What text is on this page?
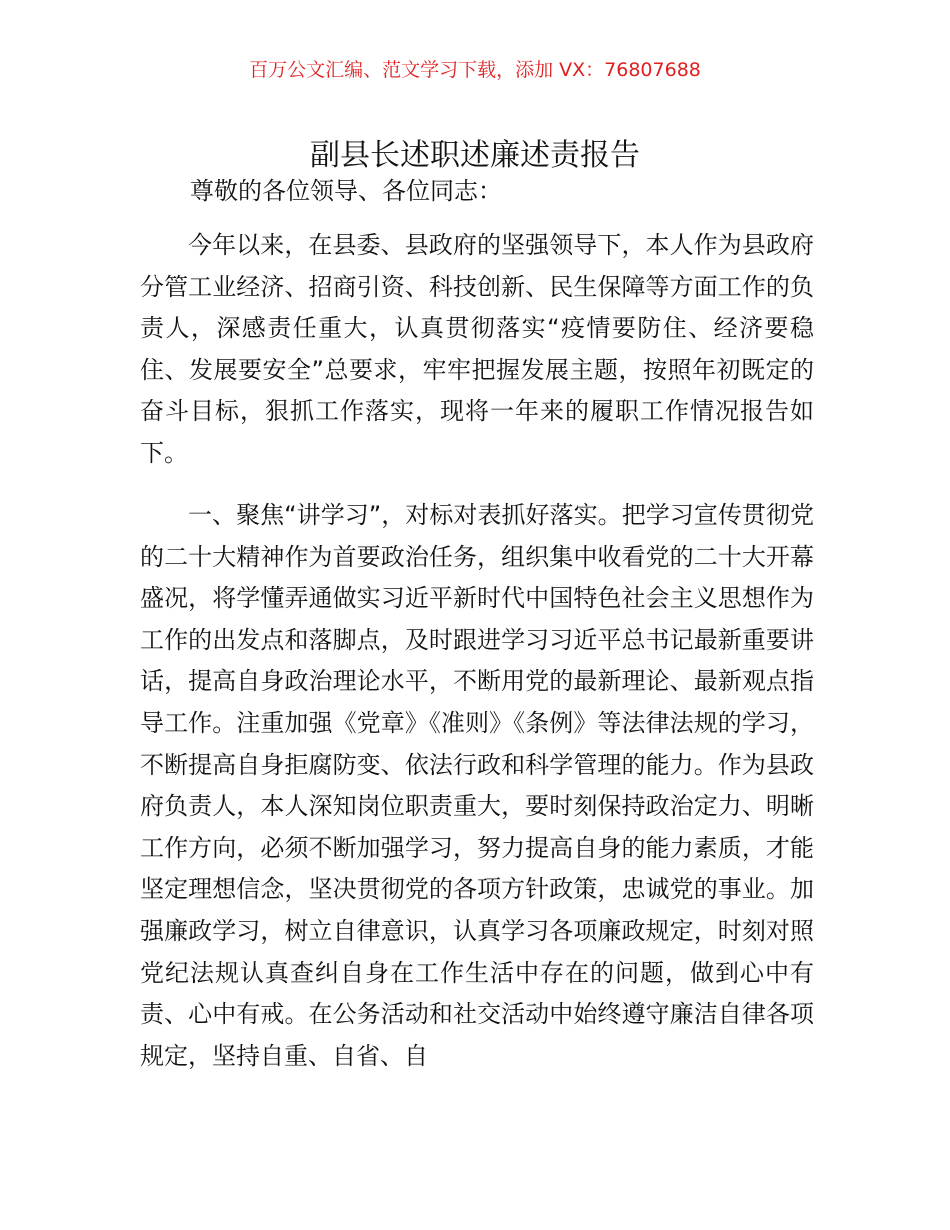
百万公文汇编、范文学习下载，添加 VX：76807688
副县长述职述廉述责报告
尊敬的各位领导、各位同志：

今年以来，在县委、县政府的坚强领导下，本人作为县政府分管工业经济、招商引资、科技创新、民生保障等方面工作的负责人，深感责任重大，认真贯彻落实“疫情要防住、经济要稳住、发展要安全”总要求，牢牢把握发展主题，按照年初既定的奋斗目标，狠抓工作落实，现将一年来的履职工作情况报告如下。

一、聚焦“讲学习”，对标对表抓好落实。把学习宣传贯彻党的二十大精神作为首要政治任务，组织集中收看党的二十大开幕盛况，将学懂弄通做实习近平新时代中国特色社会主义思想作为工作的出发点和落脚点，及时跟进学习习近平总书记最新重要讲话，提高自身政治理论水平，不断用党的最新理论、最新观点指导工作。注重加强《党章》《准则》《条例》等法律法规的学习，不断提高自身拒腐防变、依法行政和科学管理的能力。作为县政府负责人，本人深知岗位职责重大，要时刻保持政治定力、明晰工作方向，必须不断加强学习，努力提高自身的能力素质，才能坚定理想信念，坚决贯彻党的各项方针政策，忠诚党的事业。加强廉政学习，树立自律意识，认真学习各项廉政规定，时刻对照党纪法规认真查纠自身在工作生活中存在的问题，做到心中有责、心中有戒。在公务活动和社交活动中始终遵守廉洁自律各项规定，坚持自重、自省、自
